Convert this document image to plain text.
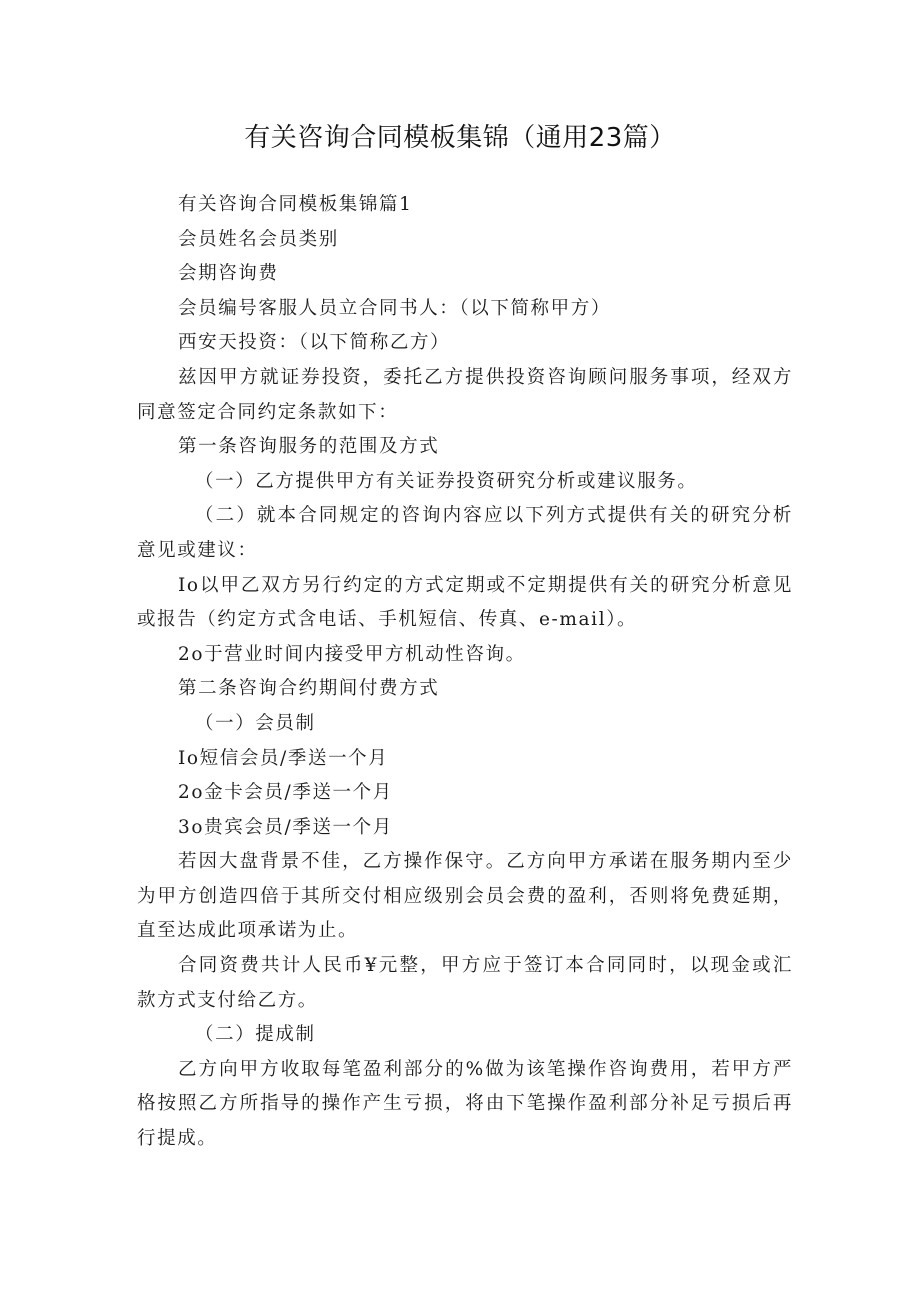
有关咨询合同模板集锦（通用23篇）

有关咨询合同模板集锦篇1

会员姓名会员类别

会期咨询费

会员编号客服人员立合同书人：（以下简称甲方）

西安天投资：（以下简称乙方）

兹因甲方就证券投资，委托乙方提供投资咨询顾问服务事项，经双方同意签定合同约定条款如下：

第一条咨询服务的范围及方式

（一）乙方提供甲方有关证券投资研究分析或建议服务。

（二）就本合同规定的咨询内容应以下列方式提供有关的研究分析意见或建议：

Io以甲乙双方另行约定的方式定期或不定期提供有关的研究分析意见或报告（约定方式含电话、手机短信、传真、e-mail）。

2o于营业时间内接受甲方机动性咨询。

第二条咨询合约期间付费方式

（一）会员制

Io短信会员/季送一个月

2o金卡会员/季送一个月

3o贵宾会员/季送一个月

若因大盘背景不佳，乙方操作保守。乙方向甲方承诺在服务期内至少为甲方创造四倍于其所交付相应级别会员会费的盈利，否则将免费延期，直至达成此项承诺为止。

合同资费共计人民币¥元整，甲方应于签订本合同同时，以现金或汇款方式支付给乙方。

（二）提成制

乙方向甲方收取每笔盈利部分的%做为该笔操作咨询费用，若甲方严格按照乙方所指导的操作产生亏损，将由下笔操作盈利部分补足亏损后再行提成。
